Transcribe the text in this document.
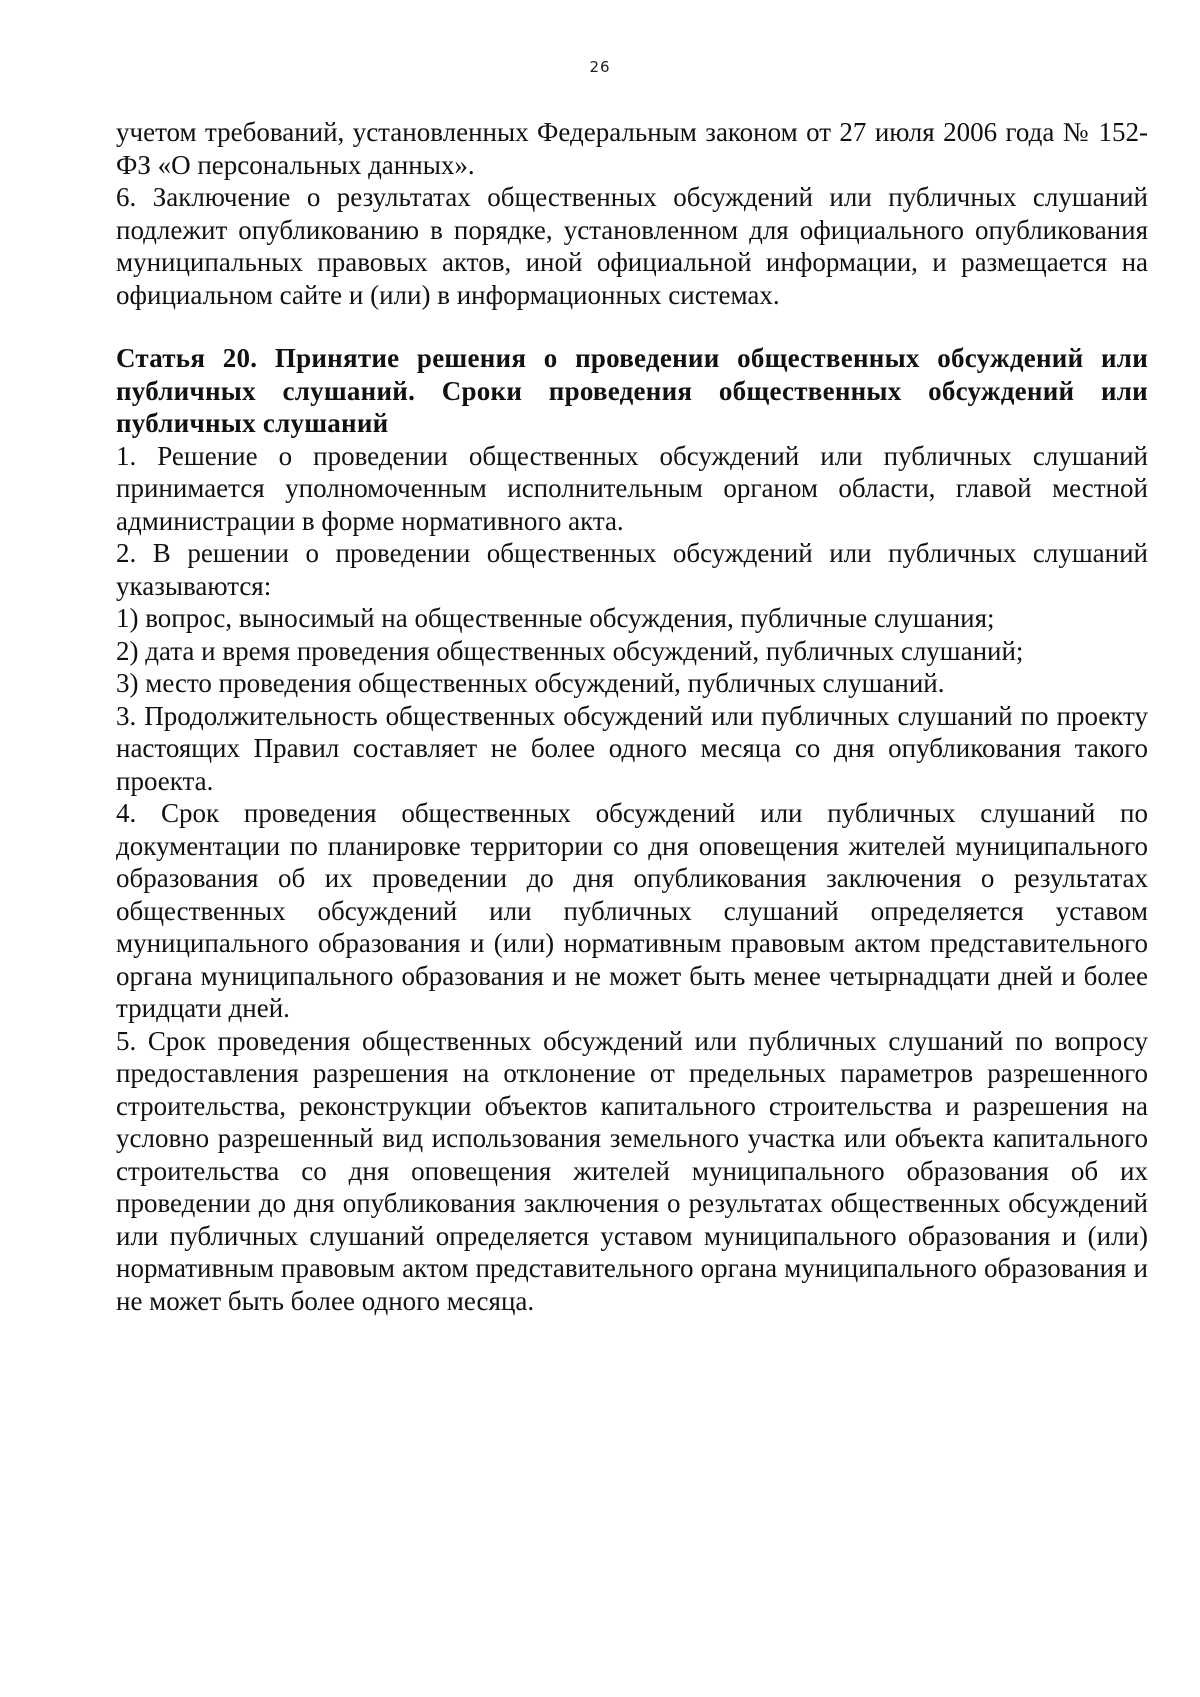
26

учетом требований, установленных Федеральным законом от 27 июля 2006 года № 152-ФЗ «О персональных данных».

6. Заключение о результатах общественных обсуждений или публичных слушаний подлежит опубликованию в порядке, установленном для официального опубликования муниципальных правовых актов, иной официальной информации, и размещается на официальном сайте и (или) в информационных системах.

Статья 20. Принятие решения о проведении общественных обсуждений или публичных слушаний. Сроки проведения общественных обсуждений или публичных слушаний

1. Решение о проведении общественных обсуждений или публичных слушаний принимается уполномоченным исполнительным органом области, главой местной администрации в форме нормативного акта.

2. В решении о проведении общественных обсуждений или публичных слушаний указываются:

1) вопрос, выносимый на общественные обсуждения, публичные слушания;

2) дата и время проведения общественных обсуждений, публичных слушаний;

3) место проведения общественных обсуждений, публичных слушаний.

3. Продолжительность общественных обсуждений или публичных слушаний по проекту настоящих Правил составляет не более одного месяца со дня опубликования такого проекта.

4. Срок проведения общественных обсуждений или публичных слушаний по документации по планировке территории со дня оповещения жителей муниципального образования об их проведении до дня опубликования заключения о результатах общественных обсуждений или публичных слушаний определяется уставом муниципального образования и (или) нормативным правовым актом представительного органа муниципального образования и не может быть менее четырнадцати дней и более тридцати дней.

5. Срок проведения общественных обсуждений или публичных слушаний по вопросу предоставления разрешения на отклонение от предельных параметров разрешенного строительства, реконструкции объектов капитального строительства и разрешения на условно разрешенный вид использования земельного участка или объекта капитального строительства со дня оповещения жителей муниципального образования об их проведении до дня опубликования заключения о результатах общественных обсуждений или публичных слушаний определяется уставом муниципального образования и (или) нормативным правовым актом представительного органа муниципального образования и не может быть более одного месяца.
